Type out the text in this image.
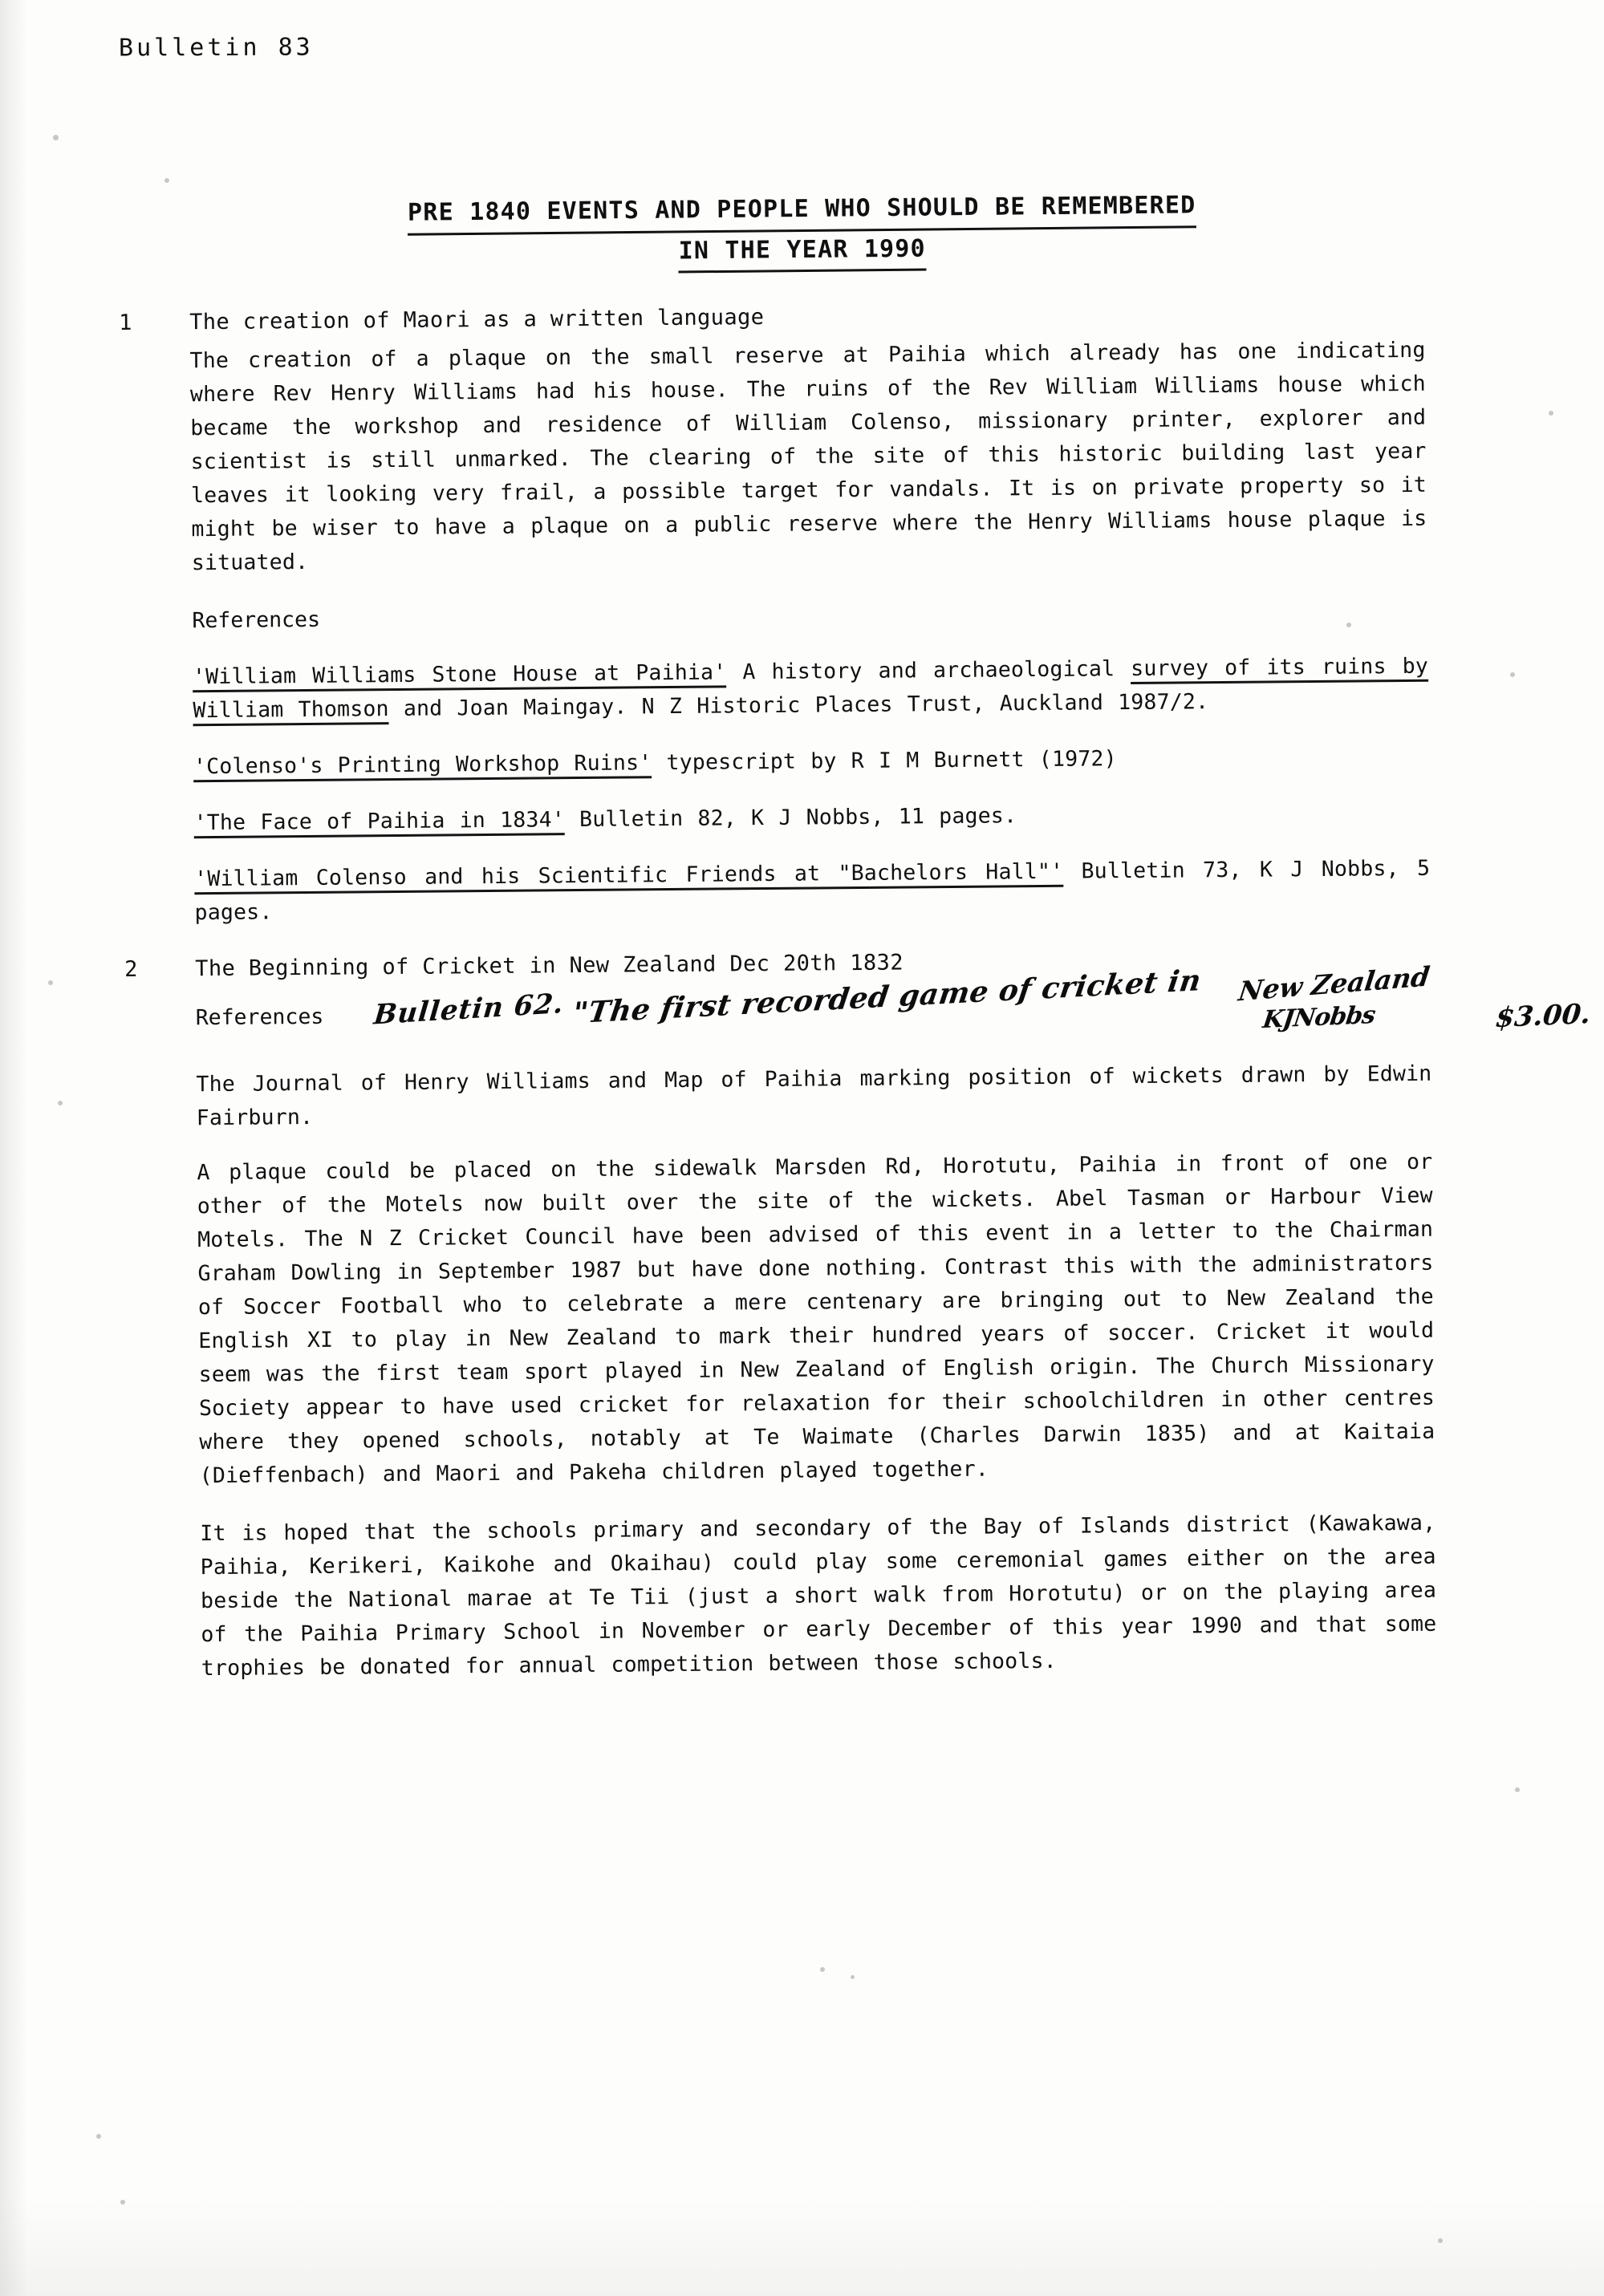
Bulletin 83
PRE 1840 EVENTS AND PEOPLE WHO SHOULD BE REMEMBERED
IN THE YEAR 1990
1	The creation of Maori as a written language

The creation of a plaque on the small reserve at Paihia which already has one indicating where Rev Henry Williams had his house. The ruins of the Rev William Williams house which became the workshop and residence of William Colenso, missionary printer, explorer and scientist is still unmarked. The clearing of the site of this historic building last year leaves it looking very frail, a possible target for vandals. It is on private property so it might be wiser to have a plaque on a public reserve where the Henry Williams house plaque is situated.

References
'William Williams Stone House at Paihia' A history and archaeological survey of its ruins by William Thomson and Joan Maingay. N Z Historic Places Trust, Auckland 1987/2.
'Colenso's Printing Workshop Ruins' typescript by R I M Burnett (1972)
'The Face of Paihia in 1834' Bulletin 82, K J Nobbs, 11 pages.
'William Colenso and his Scientific Friends at "Bachelors Hall"' Bulletin 73, K J Nobbs, 5 pages.
2	The Beginning of Cricket in New Zealand Dec 20th 1832
References Bulletin 62. "The first recorded game of cricket in New Zealand
KJNobbs	$3.00.

The Journal of Henry Williams and Map of Paihia marking position of wickets drawn by Edwin Fairburn.

A plaque could be placed on the sidewalk Marsden Rd, Horotutu, Paihia in front of one or other of the Motels now built over the site of the wickets. Abel Tasman or Harbour View Motels. The N Z Cricket Council have been advised of this event in a letter to the Chairman Graham Dowling in September 1987 but have done nothing. Contrast this with the administrators of Soccer Football who to celebrate a mere centenary are bringing out to New Zealand the English XI to play in New Zealand to mark their hundred years of soccer. Cricket it would seem was the first team sport played in New Zealand of English origin. The Church Missionary Society appear to have used cricket for relaxation for their schoolchildren in other centres where they opened schools, notably at Te Waimate (Charles Darwin 1835) and at Kaitaia (Dieffenbach) and Maori and Pakeha children played together.

It is hoped that the schools primary and secondary of the Bay of Islands district (Kawakawa, Paihia, Kerikeri, Kaikohe and Okaihau) could play some ceremonial games either on the area beside the National marae at Te Tii (just a short walk from Horotutu) or on the playing area of the Paihia Primary School in November or early December of this year 1990 and that some trophies be donated for annual competition between those schools.
